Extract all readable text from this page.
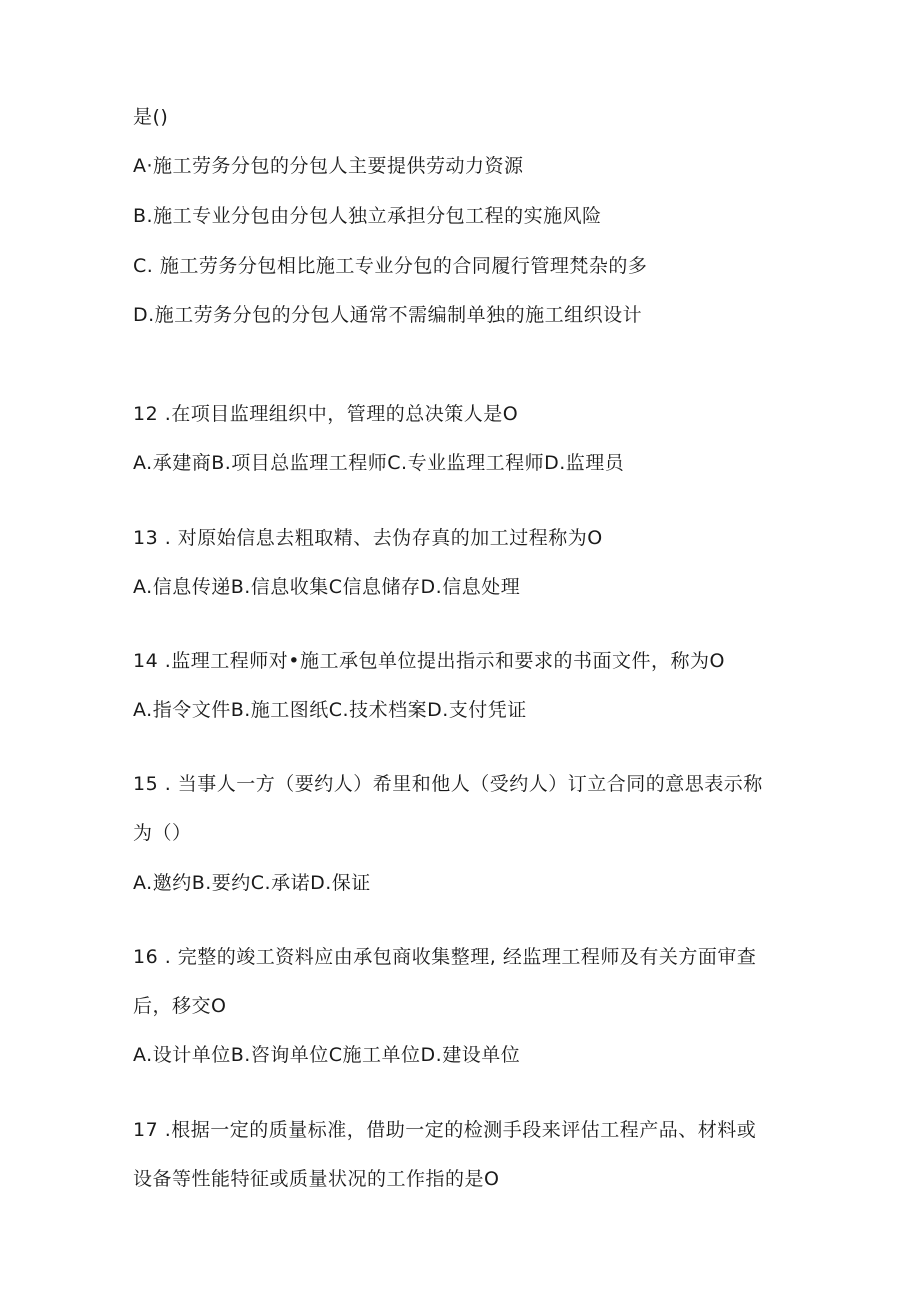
是()
A·施工劳务分包的分包人主要提供劳动力资源
B.施工专业分包由分包人独立承担分包工程的实施风险
C. 施工劳务分包相比施工专业分包的合同履行管理梵杂的多
D.施工劳务分包的分包人通常不需编制单独的施工组织设计
12 .在项目监理组织中，管理的总决策人是O
A.承建商B.项目总监理工程师C.专业监理工程师D.监理员
13 . 对原始信息去粗取精、去伪存真的加工过程称为O
A.信息传递B.信息收集C信息储存D.信息处理
14 .监理工程师对•施工承包单位提出指示和要求的书面文件，称为O
A.指令文件B.施工图纸C.技术档案D.支付凭证
15 . 当事人一方（要约人）希里和他人（受约人）订立合同的意思表示称
为（）
A.邀约B.要约C.承诺D.保证
16 . 完整的竣工资料应由承包商收集整理, 经监理工程师及有关方面审查
后，移交O
A.设计单位B.咨询单位C施工单位D.建设单位
17 .根据一定的质量标准，借助一定的检测手段来评估工程产品、材料或
设备等性能特征或质量状况的工作指的是O
